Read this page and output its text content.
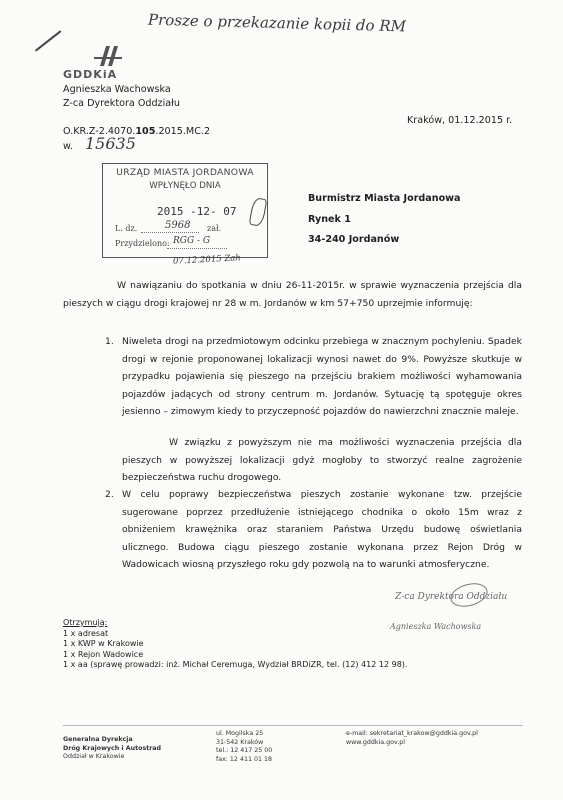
Prosze o przekazanie kopii do RM
GDDKiA
Agnieszka Wachowska
Z-ca Dyrektora Oddziału
O.KR.Z-2.4070.105.2015.MC.2
w. 15635
Kraków, 01.12.2015 r.
URZĄD MIASTA JORDANOWA
WPŁYNĘŁO DNIA
2015 -12- 07
L. dz.	5968 zał.
Przydzielono: RGG - G
07.12.2015 Zah
Burmistrz Miasta Jordanowa
Rynek 1
34-240 Jordanów
W nawiązaniu do spotkania w dniu 26-11-2015r. w sprawie wyznaczenia przejścia dla pieszych w ciągu drogi krajowej nr 28 w m. Jordanów w km 57+750 uprzejmie informuję:
1. Niweleta drogi na przedmiotowym odcinku przebiega w znacznym pochyleniu. Spadek drogi w rejonie proponowanej lokalizacji wynosi nawet do 9%. Powyższe skutkuje w przypadku pojawienia się pieszego na przejściu brakiem możliwości wyhamowania pojazdów jadących od strony centrum m. Jordanów. Sytuację tą spotęguje okres jesienno – zimowym kiedy to przyczepność pojazdów do nawierzchni znacznie maleje.
W związku z powyższym nie ma możliwości wyznaczenia przejścia dla pieszych w powyższej lokalizacji gdyż mogłoby to stworzyć realne zagrożenie bezpieczeństwa ruchu drogowego.
2. W celu poprawy bezpieczeństwa pieszych zostanie wykonane tzw. przejście sugerowane poprzez przedłużenie istniejącego chodnika o około 15m wraz z obniżeniem krawężnika oraz staraniem Państwa Urzędu budowę oświetlania ulicznego. Budowa ciągu pieszego zostanie wykonana przez Rejon Dróg w Wadowicach wiosną przyszłego roku gdy pozwolą na to warunki atmosferyczne.
Z-ca Dyrektora Oddziału
Agnieszka Wachowska
Otrzymują:
1 x adresat
1 x KWP w Krakowie
1 x Rejon Wadowice
1 x aa (sprawę prowadzi: inż. Michał Ceremuga, Wydział BRDiZR, tel. (12) 412 12 98).
Generalna Dyrekcja
Dróg Krajowych i Autostrad
Oddział w Krakowie
ul. Mogilska 25
31-542 Kraków
tel.: 12 417 25 00
fax: 12 411 01 18
e-mail: sekretariat_krakow@gddkia.gov.pl
www.gddkia.gov.pl
